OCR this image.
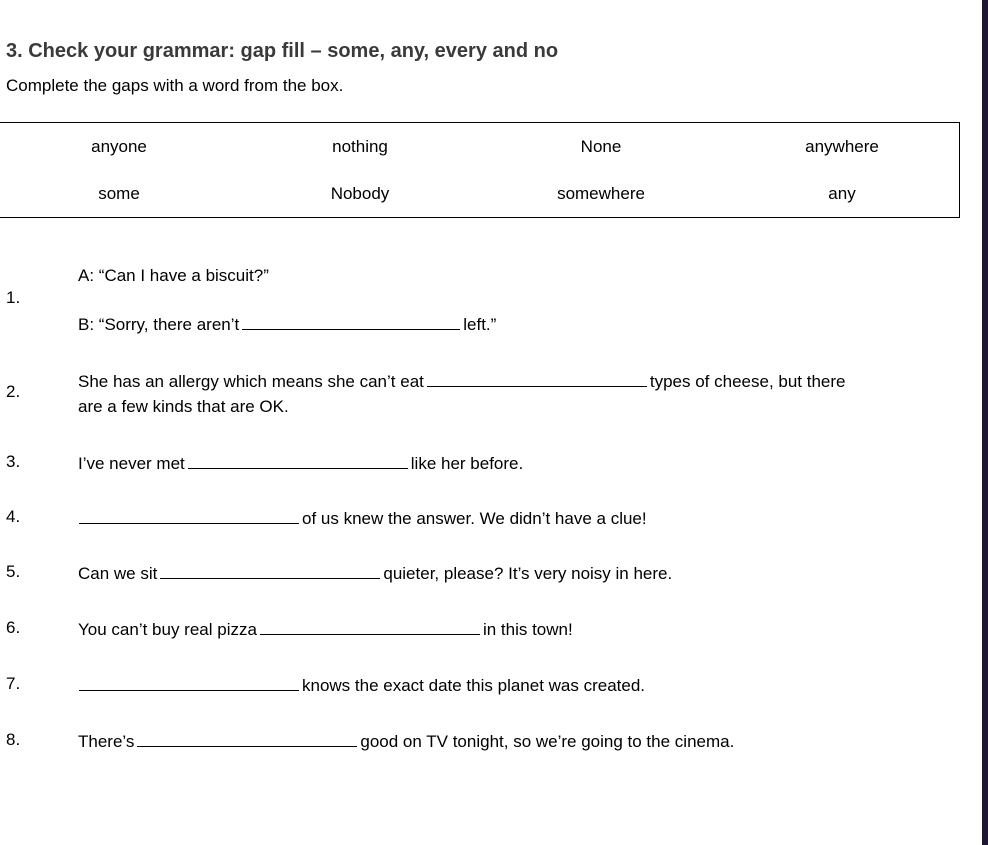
3. Check your grammar: gap fill – some, any, every and no
Complete the gaps with a word from the box.
anyone	nothing	None	anywhere
some	Nobody	somewhere	any
1.
A: “Can I have a biscuit?”
B: “Sorry, there aren’t	left.”
2.
She has an allergy which means she can’t eat	types of cheese, but there
are a few kinds that are OK.
3.	I’ve never met	like her before.
4.	of us knew the answer. We didn’t have a clue!
5.	Can we sit	quieter, please? It’s very noisy in here.
6.	You can’t buy real pizza	in this town!
7.	knows the exact date this planet was created.
8.	There’s	good on TV tonight, so we’re going to the cinema.
